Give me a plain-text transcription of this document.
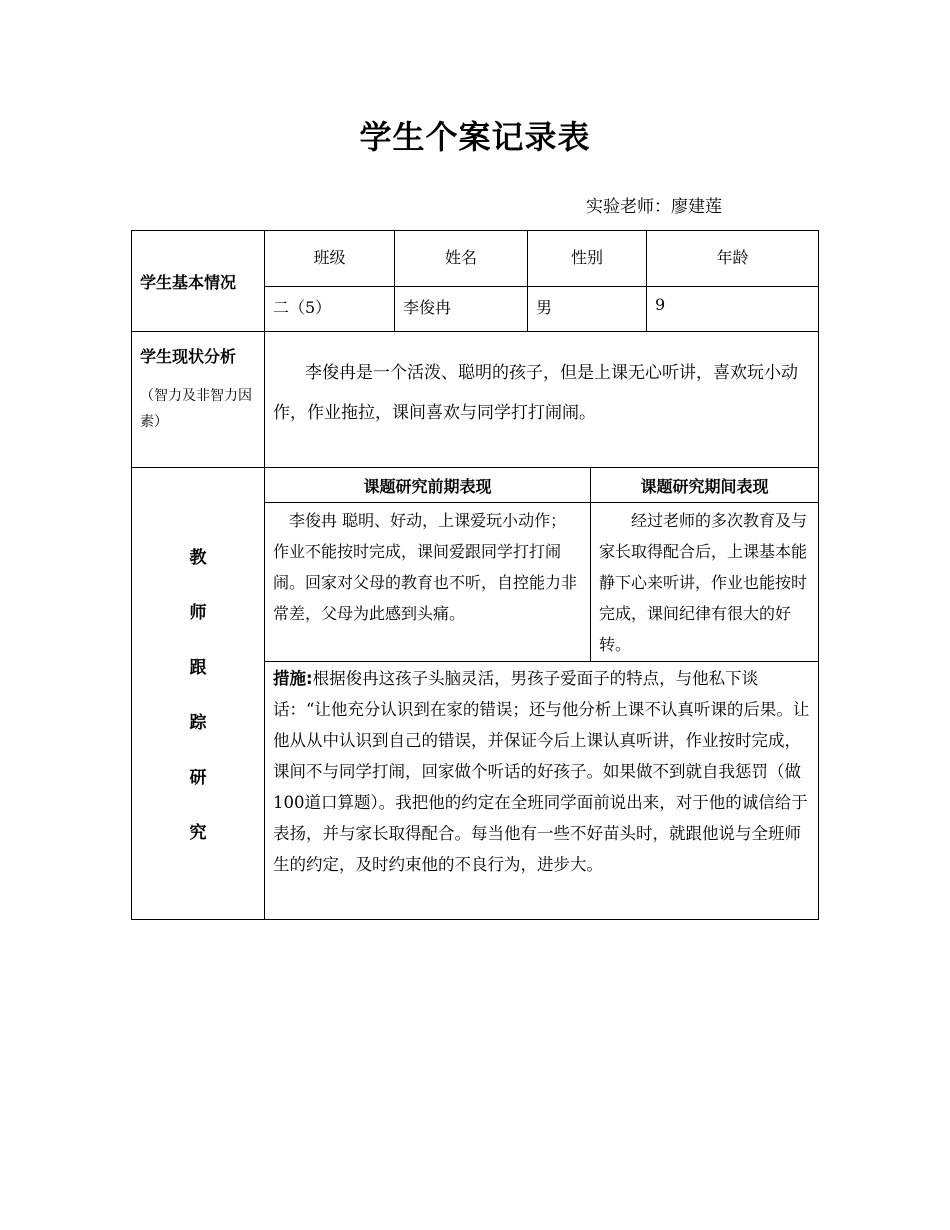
学生个案记录表
实验老师：廖建莲
学生基本情况
班级	姓名	性别	年龄
二（5）	李俊冉	男	9
学生现状分析
（智力及非智力因素）
李俊冉是一个活泼、聪明的孩子，但是上课无心听讲，喜欢玩小动作，作业拖拉，课间喜欢与同学打打闹闹。
教
师
跟
踪
研
究
课题研究前期表现	课题研究期间表现
李俊冉 聪明、好动，上课爱玩小动作；作业不能按时完成，课间爱跟同学打打闹闹。回家对父母的教育也不听，自控能力非常差，父母为此感到头痛。
经过老师的多次教育及与家长取得配合后，上课基本能静下心来听讲，作业也能按时完成，课间纪律有很大的好转。
措施:根据俊冉这孩子头脑灵活，男孩子爱面子的特点，与他私下谈话：“让他充分认识到在家的错误；还与他分析上课不认真听课的后果。让他从从中认识到自己的错误，并保证今后上课认真听讲，作业按时完成，课间不与同学打闹，回家做个听话的好孩子。如果做不到就自我惩罚（做100道口算题）。我把他的约定在全班同学面前说出来，对于他的诚信给于表扬，并与家长取得配合。每当他有一些不好苗头时，就跟他说与全班师生的约定，及时约束他的不良行为，进步大。
